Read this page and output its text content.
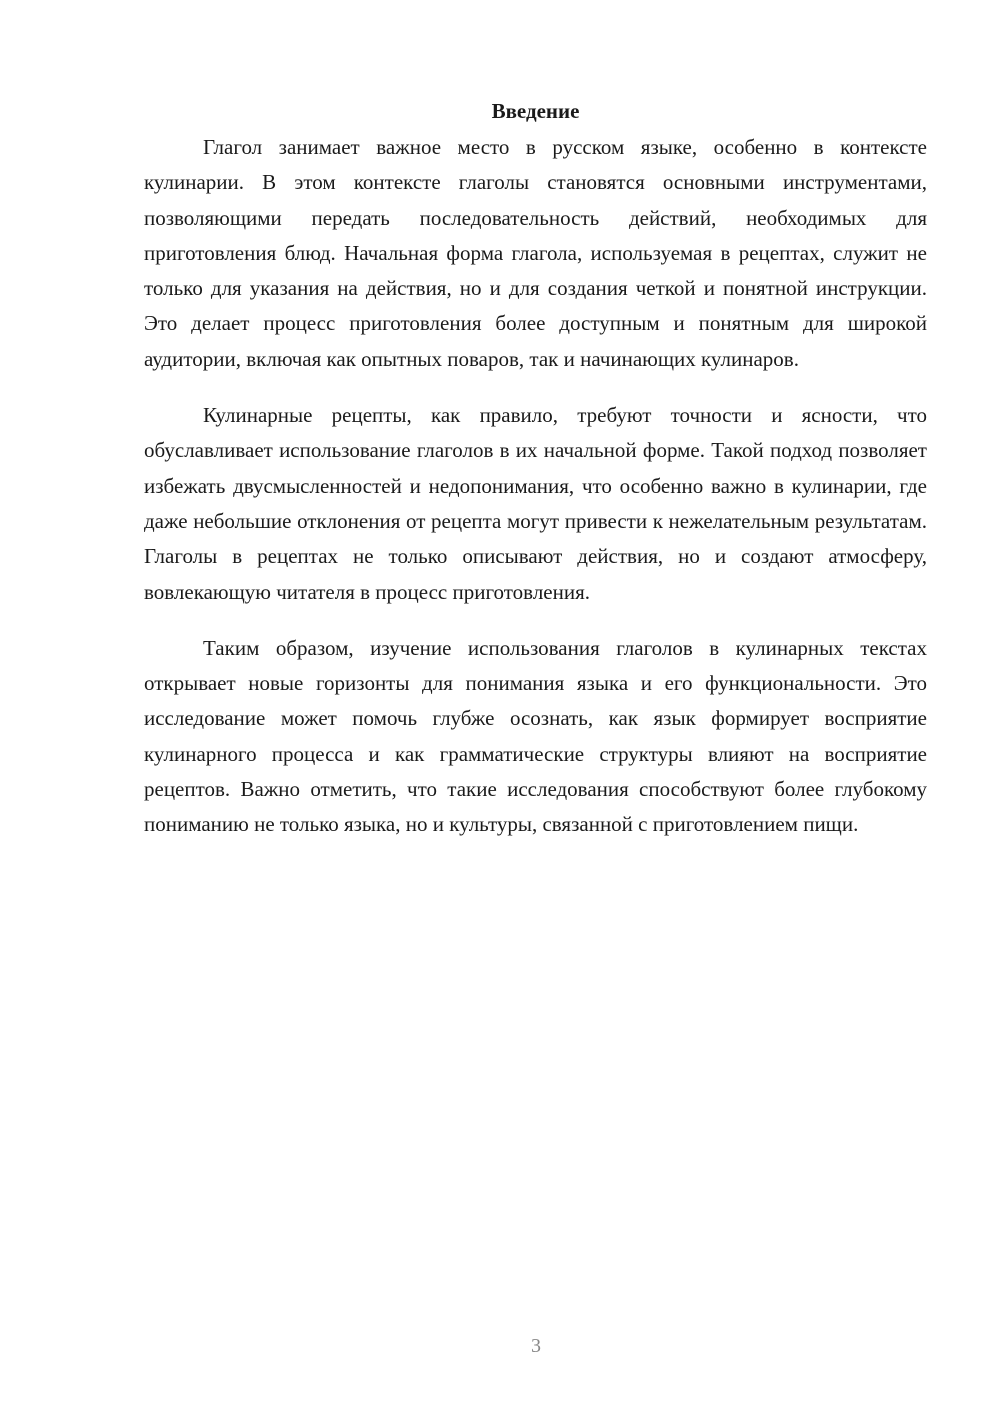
Введение

Глагол занимает важное место в русском языке, особенно в контексте кулинарии. В этом контексте глаголы становятся основными инструментами, позволяющими передать последовательность действий, необходимых для приготовления блюд. Начальная форма глагола, используемая в рецептах, служит не только для указания на действия, но и для создания четкой и понятной инструкции. Это делает процесс приготовления более доступным и понятным для широкой аудитории, включая как опытных поваров, так и начинающих кулинаров.

Кулинарные рецепты, как правило, требуют точности и ясности, что обуславливает использование глаголов в их начальной форме. Такой подход позволяет избежать двусмысленностей и недопонимания, что особенно важно в кулинарии, где даже небольшие отклонения от рецепта могут привести к нежелательным результатам. Глаголы в рецептах не только описывают действия, но и создают атмосферу, вовлекающую читателя в процесс приготовления.

Таким образом, изучение использования глаголов в кулинарных текстах открывает новые горизонты для понимания языка и его функциональности. Это исследование может помочь глубже осознать, как язык формирует восприятие кулинарного процесса и как грамматические структуры влияют на восприятие рецептов. Важно отметить, что такие исследования способствуют более глубокому пониманию не только языка, но и культуры, связанной с приготовлением пищи.

3
